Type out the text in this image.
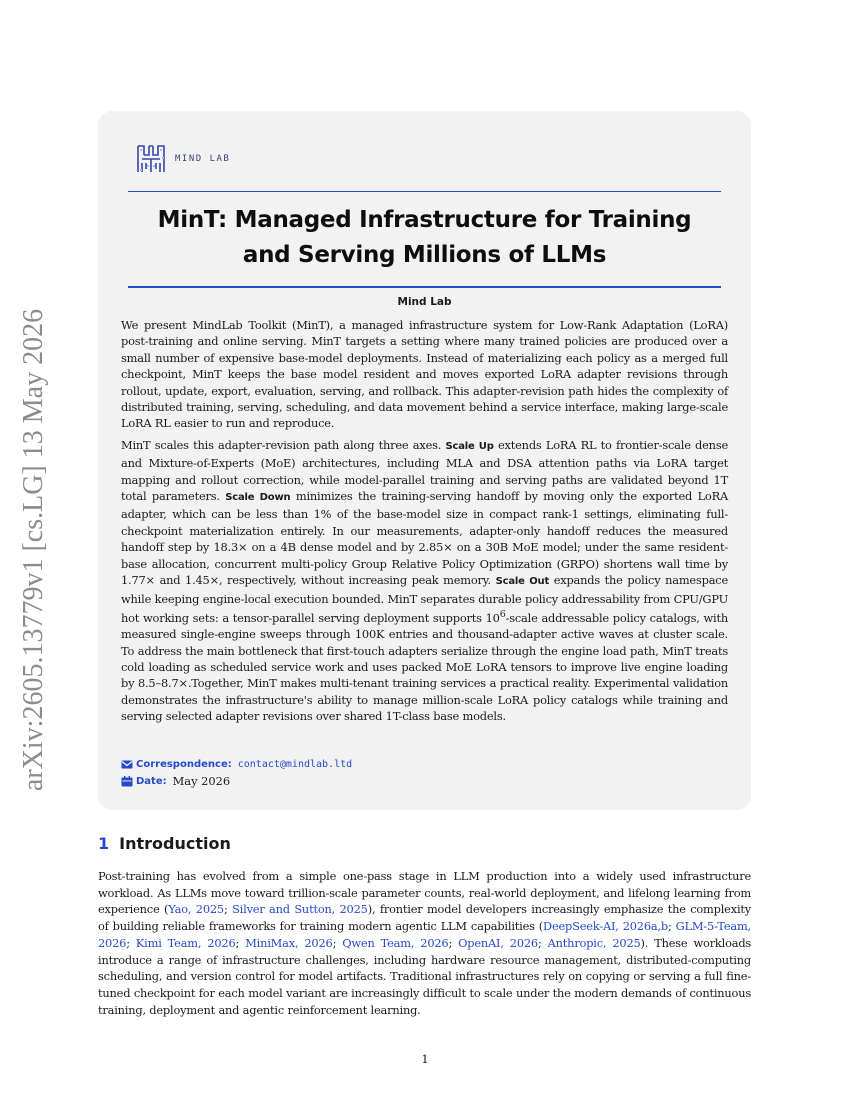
arXiv:2605.13779v1 [cs.LG] 13 May 2026
MIND LAB
MinT: Managed Infrastructure for Training
and Serving Millions of LLMs
Mind Lab

We present MindLab Toolkit (MinT), a managed infrastructure system for Low-Rank Adaptation (LoRA) post-training and online serving. MinT targets a setting where many trained policies are produced over a small number of expensive base-model deployments. Instead of materializing each policy as a merged full checkpoint, MinT keeps the base model resident and moves exported LoRA adapter revisions through rollout, update, export, evaluation, serving, and rollback. This adapter-revision path hides the complexity of distributed training, serving, scheduling, and data movement behind a service interface, making large-scale LoRA RL easier to run and reproduce.

MinT scales this adapter-revision path along three axes. Scale Up extends LoRA RL to frontier-scale dense and Mixture-of-Experts (MoE) architectures, including MLA and DSA attention paths via LoRA target mapping and rollout correction, while model-parallel training and serving paths are validated beyond 1T total parameters. Scale Down minimizes the training-serving handoff by moving only the exported LoRA adapter, which can be less than 1% of the base-model size in compact rank-1 settings, eliminating full-checkpoint materialization entirely. In our measurements, adapter-only handoff reduces the measured handoff step by 18.3× on a 4B dense model and by 2.85× on a 30B MoE model; under the same resident-base allocation, concurrent multi-policy Group Relative Policy Optimization (GRPO) shortens wall time by 1.77× and 1.45×, respectively, without increasing peak memory. Scale Out expands the policy namespace while keeping engine-local execution bounded. MinT separates durable policy addressability from CPU/GPU hot working sets: a tensor-parallel serving deployment supports $10^6$-scale addressable policy catalogs, with measured single-engine sweeps through 100K entries and thousand-adapter active waves at cluster scale. To address the main bottleneck that first-touch adapters serialize through the engine load path, MinT treats cold loading as scheduled service work and uses packed MoE LoRA tensors to improve live engine loading by 8.5–8.7×.Together, MinT makes multi-tenant training services a practical reality. Experimental validation demonstrates the infrastructure's ability to manage million-scale LoRA policy catalogs while training and serving selected adapter revisions over shared 1T-class base models.

Correspondence: contact@mindlab.ltd
Date: May 2026
1 Introduction

Post-training has evolved from a simple one-pass stage in LLM production into a widely used infrastructure workload. As LLMs move toward trillion-scale parameter counts, real-world deployment, and lifelong learning from experience (Yao, 2025; Silver and Sutton, 2025), frontier model developers increasingly emphasize the complexity of building reliable frameworks for training modern agentic LLM capabilities (DeepSeek-AI, 2026a,b; GLM-5-Team, 2026; Kimi Team, 2026; MiniMax, 2026; Qwen Team, 2026; OpenAI, 2026; Anthropic, 2025). These workloads introduce a range of infrastructure challenges, including hardware resource management, distributed-computing scheduling, and version control for model artifacts. Traditional infrastructures rely on copying or serving a full fine-tuned checkpoint for each model variant are increasingly difficult to scale under the modern demands of continuous training, deployment and agentic reinforcement learning.

1
